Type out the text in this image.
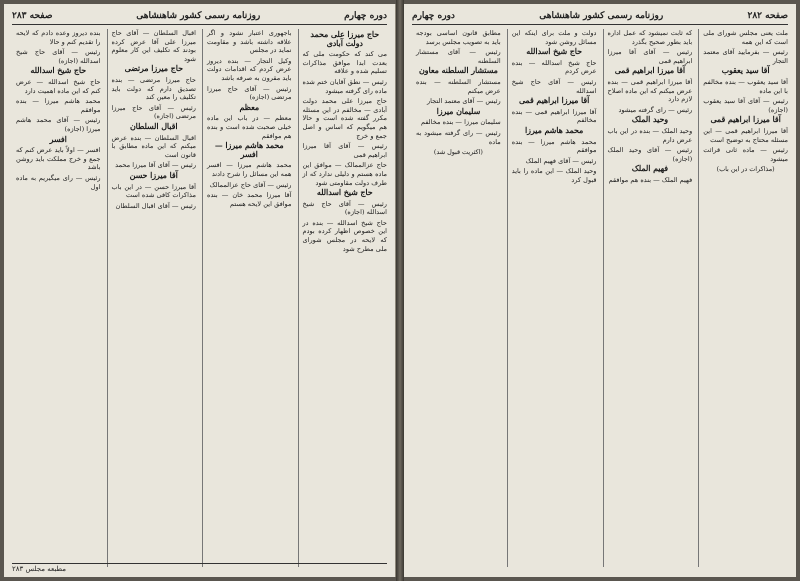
دوره چهارم
روزنامه رسمی کشور شاهنشاهی
صفحه ۲۸۳
حاج میرزا علی محمد دولت آبادی

می کند که حکومت ملی که بعدت ابدا موافق مذاکرات تسلیم شده و علاقه

رئیس — نطق آقایان ختم شده ماده رای گرفته میشود

حاج میرزا علی محمد دولت آبادی — مخالفم در این مسئله مکرر گفته شده است و حالا هم میگویم که اساس و اصل جمع و خرج

رئیس — آقای آقا میرزا ابراهیم قمی

حاج عزالممالک — موافق این ماده هستم و دلیلی ندارد که از طرف دولت مقاومتی شود

حاج شیخ اسدالله

رئیس — آقای حاج شیخ اسدالله (اجازه)

حاج شیخ اسدالله — بنده در این خصوص اظهار کرده بودم که لایحه در مجلس شورای ملی مطرح شود

باجهوری اعتبار نشود و اگر علاقه داشته باشد و مقاومت نماید در مجلس

وکیل التجار — بنده دیروز عرض کردم که اقدامات دولت باید مقرون به صرفه باشد

رئیس — آقای حاج میرزا مرتضی (اجازه)

معظم

معظم — در باب این ماده خیلی صحبت شده است و بنده هم موافقم

محمد هاشم میرزا — افسر

محمد هاشم میرزا — افسر همه این مسائل را شرح دادند

رئیس — آقای حاج عزالممالک

آقا میرزا محمد خان — بنده موافق این لایحه هستم

اقبال السلطان — آقای حاج میرزا علی آقا عرض کرده بودند که تکلیف این کار معلوم شود

حاج میرزا مرتضی

حاج میرزا مرتضی — بنده تصدیق دارم که دولت باید تکلیف را معین کند

رئیس — آقای حاج میرزا مرتضی (اجازه)

اقبال السلطان

اقبال السلطان — بنده عرض میکنم که این ماده مطابق با قانون است

رئیس — آقای آقا میرزا محمد

آقا میرزا حسن

آقا میرزا حسن — در این باب مذاکرات کافی شده است

رئیس — آقای اقبال السلطان

بنده دیروز وعده دادم که لایحه را تقدیم کنم و حالا

رئیس — آقای حاج شیخ اسدالله (اجازه)

حاج شیخ اسدالله

حاج شیخ اسدالله — عرض کنم که این ماده اهمیت دارد

محمد هاشم میرزا — بنده موافقم

رئیس — آقای محمد هاشم میرزا (اجازه)

افسر

افسر — اولاً باید عرض کنم که جمع و خرج مملکت باید روشن باشد

رئیس — رای میگیریم به ماده اول

۲۸۳ مطبعه مجلس
صفحه ۲۸۲
روزنامه رسمی کشور شاهنشاهی
دوره چهارم

ملت یعنی مجلس شورای ملی است که این همه

رئیس — بفرمایید آقای معتمد التجار

آقا سید یعقوب

آقا سید یعقوب — بنده مخالفم با این ماده

رئیس — آقای آقا سید یعقوب (اجازه)

آقا میرزا ابراهیم قمی

آقا میرزا ابراهیم قمی — این مسئله محتاج به توضیح است

رئیس — ماده ثانی قرائت میشود

(مذاکرات در این باب)

که ثابت نمیشود که عمل اداره باید بطور صحیح بگذرد

رئیس — آقای آقا میرزا ابراهیم قمی

آقا میرزا ابراهیم قمی

آقا میرزا ابراهیم قمی — بنده عرض میکنم که این ماده اصلاح لازم دارد

رئیس — رای گرفته میشود

وحید الملک

وحید الملک — بنده در این باب عرض دارم

رئیس — آقای وحید الملک (اجازه)

فهیم الملک

فهیم الملک — بنده هم موافقم

دولت و ملت برای اینکه این مسائل روشن شود

حاج شیخ اسدالله

حاج شیخ اسدالله — بنده عرض کردم

رئیس — آقای حاج شیخ اسدالله

آقا میرزا ابراهیم قمی

آقا میرزا ابراهیم قمی — بنده مخالفم

محمد هاشم میرزا

محمد هاشم میرزا — بنده موافقم

رئیس — آقای فهیم الملک

وحید الملک — این ماده را باید قبول کرد

مطابق قانون اساسی بودجه باید به تصویب مجلس برسد

رئیس — آقای مستشار السلطنه

مستشار السلطنه معاون

مستشار السلطنه — بنده عرض میکنم

رئیس — آقای معتمد التجار

سلیمان میرزا

سلیمان میرزا — بنده مخالفم

رئیس — رای گرفته میشود به ماده

(اکثریت قبول شد)
